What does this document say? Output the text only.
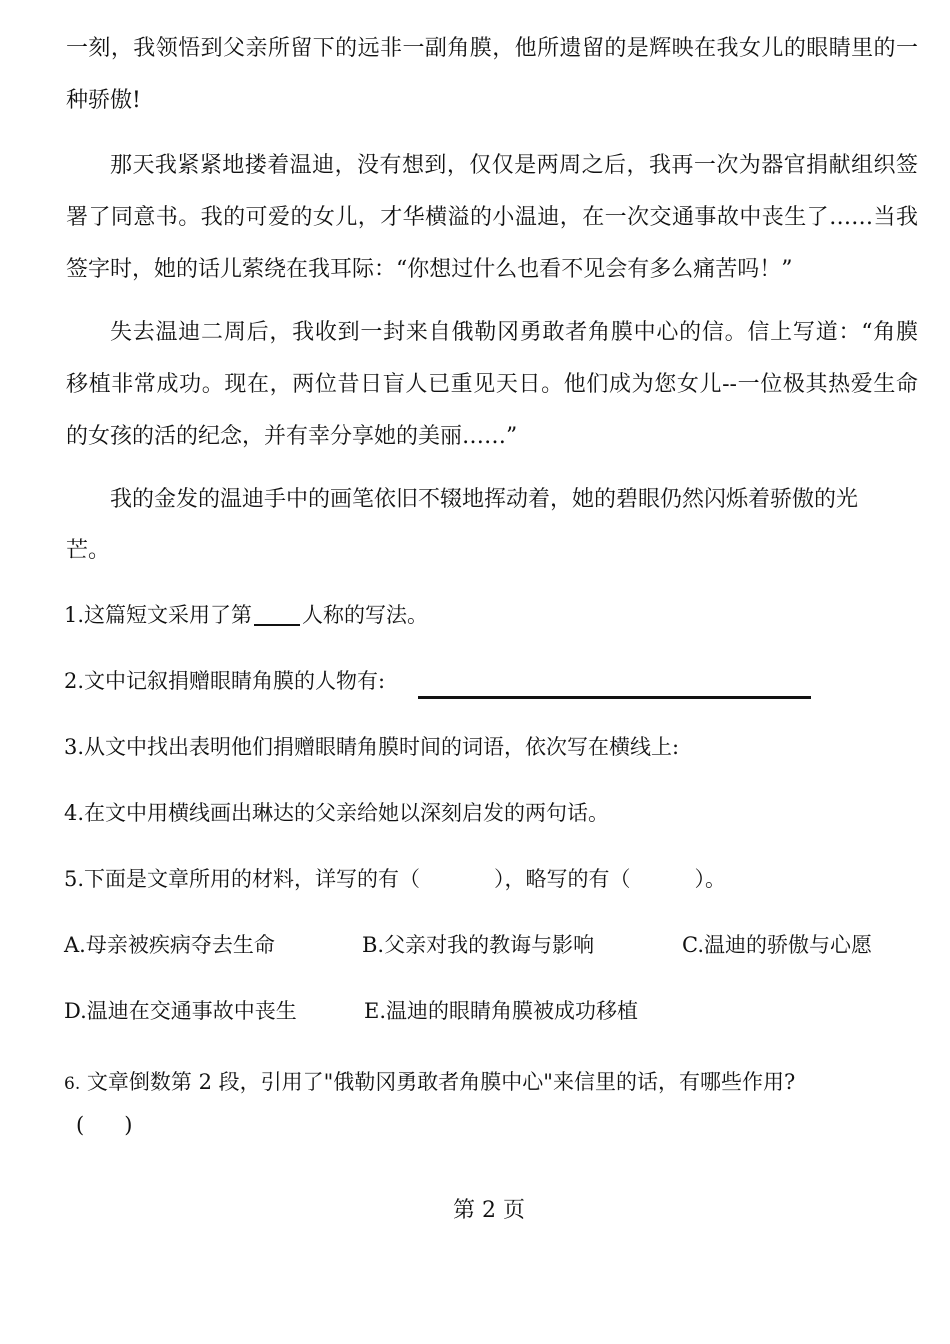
一刻，我领悟到父亲所留下的远非一副角膜，他所遗留的是辉映在我女儿的眼睛里的一
种骄傲!
那天我紧紧地搂着温迪，没有想到，仅仅是两周之后，我再一次为器官捐献组织签
署了同意书。我的可爱的女儿，才华横溢的小温迪，在一次交通事故中丧生了……当我
签字时，她的话儿萦绕在我耳际：“你想过什么也看不见会有多么痛苦吗！”
失去温迪二周后，我收到一封来自俄勒冈勇敢者角膜中心的信。信上写道：“角膜
移植非常成功。现在，两位昔日盲人已重见天日。他们成为您女儿--一位极其热爱生命
的女孩的活的纪念，并有幸分享她的美丽……”
我的金发的温迪手中的画笔依旧不辍地挥动着，她的碧眼仍然闪烁着骄傲的光
芒。
1.这篇短文采用了第 人称的写法。
2.文中记叙捐赠眼睛角膜的人物有:
3.从文中找出表明他们捐赠眼睛角膜时间的词语，依次写在横线上:
4.在文中用横线画出琳达的父亲给她以深刻启发的两句话。
5.下面是文章所用的材料，详写的有（	），略写的有（	）。
A.母亲被疾病夺去生命	B.父亲对我的教诲与影响	C.温迪的骄傲与心愿
D.温迪在交通事故中丧生	E.温迪的眼睛角膜被成功移植
6. 文章倒数第 2 段，引用了"俄勒冈勇敢者角膜中心"来信里的话，有哪些作用?
(      )
第 2 页
